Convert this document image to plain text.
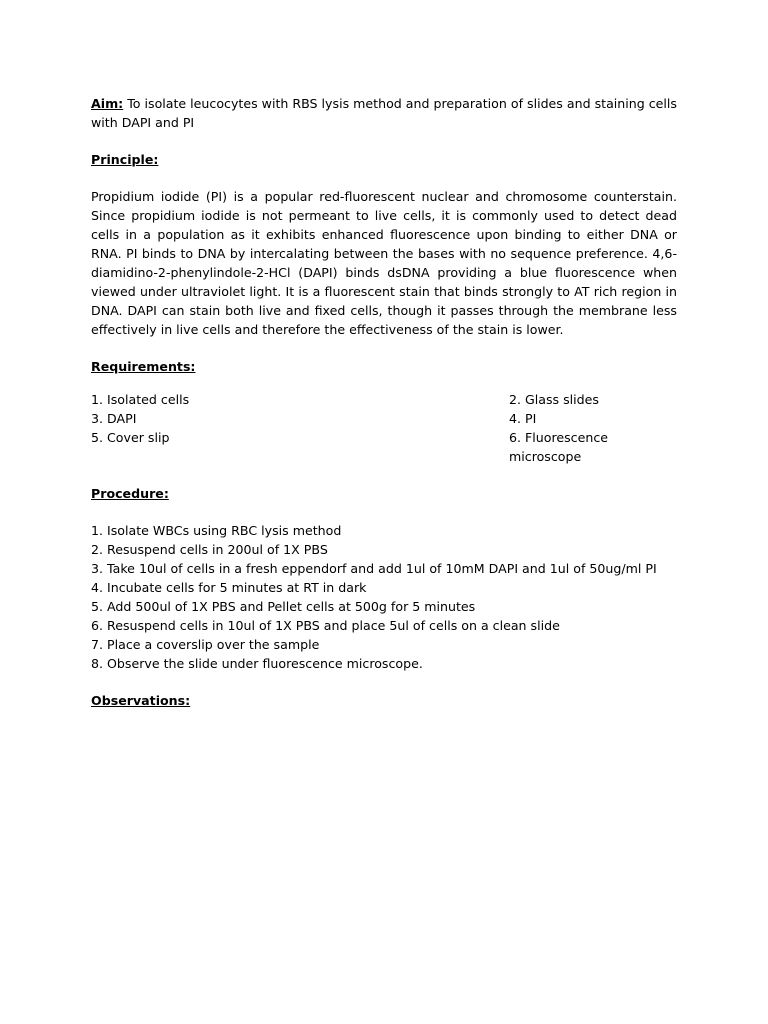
Aim: To isolate leucocytes with RBS lysis method and preparation of slides and staining cells with DAPI and PI

Principle:

Propidium iodide (PI) is a popular red-fluorescent nuclear and chromosome counterstain. Since propidium iodide is not permeant to live cells, it is commonly used to detect dead cells in a population as it exhibits enhanced fluorescence upon binding to either DNA or RNA. PI binds to DNA by intercalating between the bases with no sequence preference. 4,6-diamidino-2-phenylindole-2-HCl (DAPI) binds dsDNA providing a blue fluorescence when viewed under ultraviolet light. It is a fluorescent stain that binds strongly to AT rich region in DNA. DAPI can stain both live and fixed cells, though it passes through the membrane less effectively in live cells and therefore the effectiveness of the stain is lower.

Requirements:
1. Isolated cells	2. Glass slides
3. DAPI	4. PI
5. Cover slip	6. Fluorescence microscope
Procedure:
1. Isolate WBCs using RBC lysis method
2. Resuspend cells in 200ul of 1X PBS
3. Take 10ul of cells in a fresh eppendorf and add 1ul of 10mM DAPI and 1ul of 50ug/ml PI
4. Incubate cells for 5 minutes at RT in dark
5. Add 500ul of 1X PBS and Pellet cells at 500g for 5 minutes
6. Resuspend cells in 10ul of 1X PBS and place 5ul of cells on a clean slide
7. Place a coverslip over the sample
8. Observe the slide under fluorescence microscope.
Observations:
